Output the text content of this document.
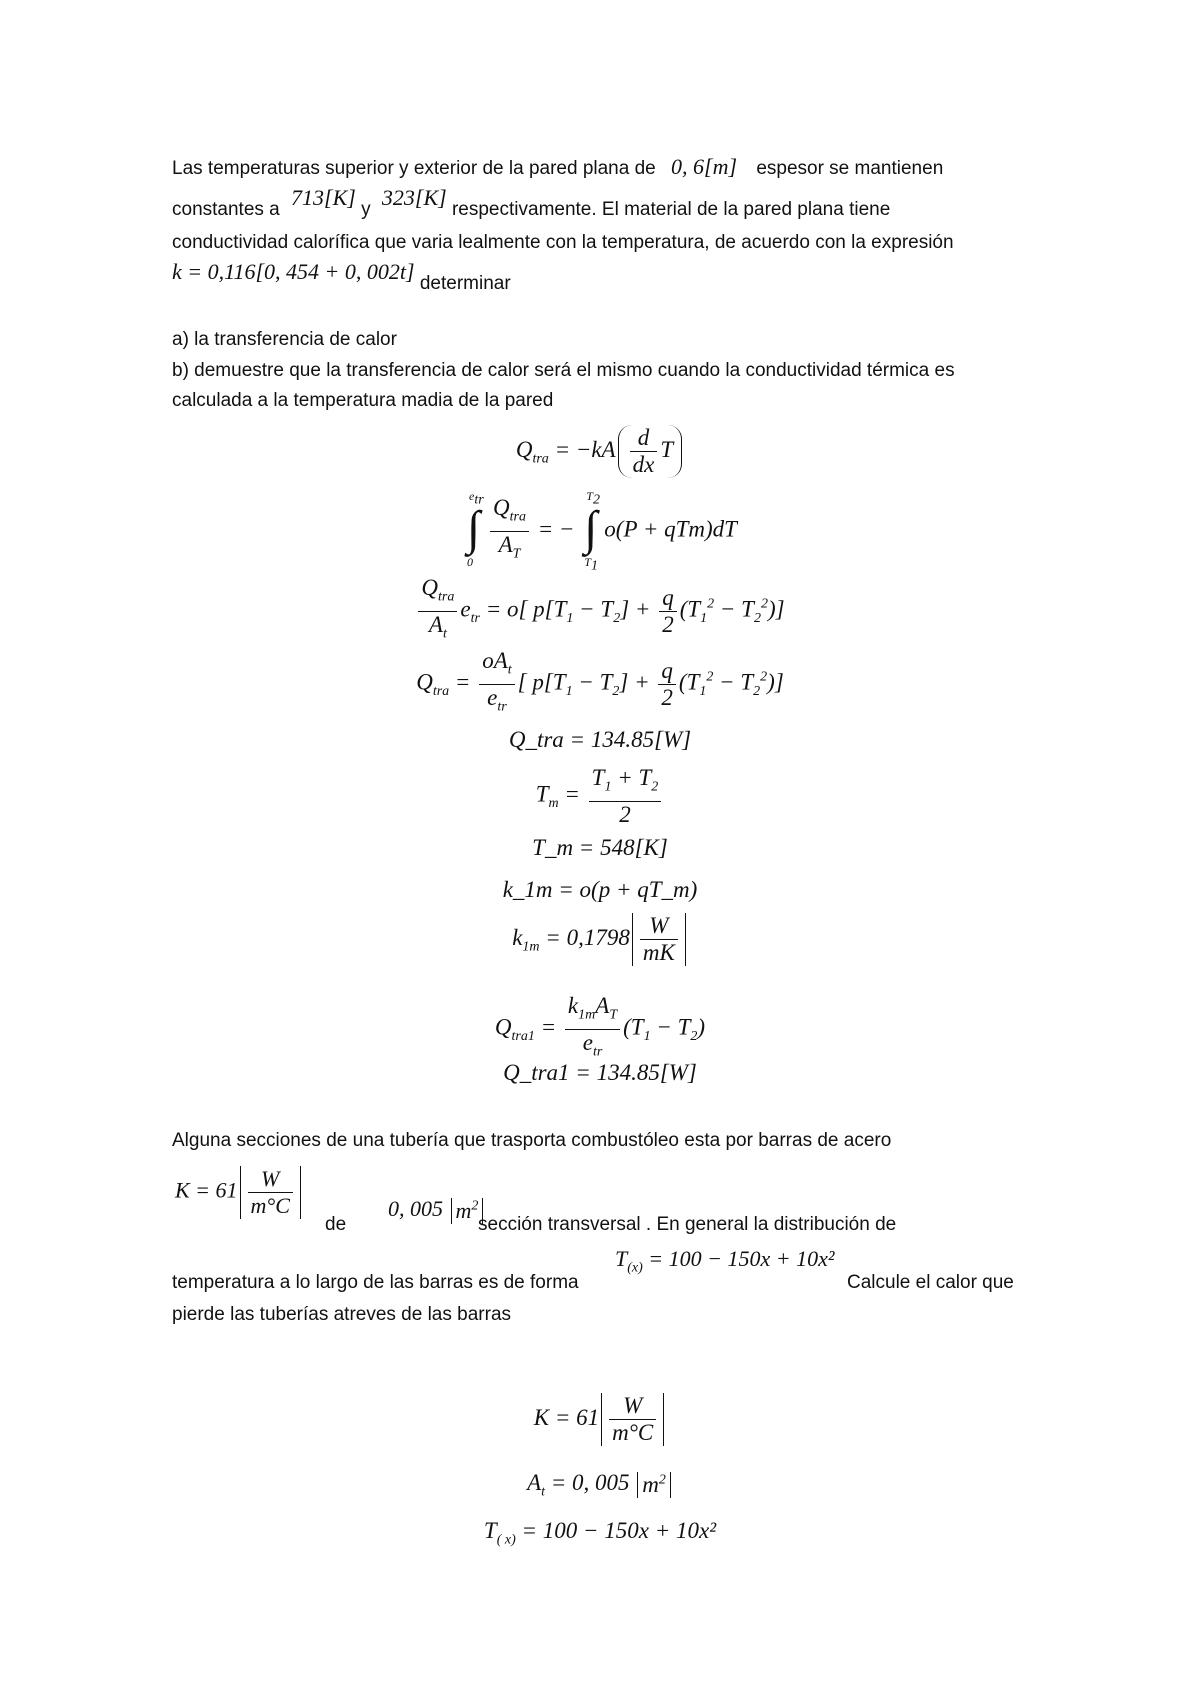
Las temperaturas superior y exterior de la pared plana de 0, 6[m] espesor se mantienen
constantes a 713[K] y 323[K] respectivamente. El material de la pared plana tiene
conductividad calorífica que varia lealmente con la temperatura, de acuerdo con la expresión
k = 0,116[0, 454 + 0, 002t] determinar
a) la transferencia de calor
b) demuestre que la transferencia de calor será el mismo cuando la conductividad térmica es
calculada a la temperatura madia de la pared
$Q_{tra} = -kA \frac{d}{dx}$ T
∫
$e_{tr}$
0
$Q_{tra}$
$A_T$
= − ∫
$T_2$
$T_1$
o(P + qTm)dT
$Q_{tra}$
$A_t$
$e_{tr} = o$[ $p[T_1 - T_2] + \frac{q}{2} (T_1^2 - T_2^2)$]
$Q_{tra}$ =
$oA_t$
$e_{tr}$
[ $p[T_1 - T_2] + \frac{q}{2} (T_1^2 - T_2^2)$]
Q_tra = 134.85[W]
$T_m = \frac{T_1 + T_2}{2}$
T_m = 548[K]
k_1m = o(p + qT_m)
$k_{1m} = 0,1798 \frac{W}{mK}$
$Q_{tra1}$ =
$k_{1m}A_T$
$e_{tr}$
$(T_1 - T_2)$
Q_tra1 = 134.85[W]
Alguna secciones de una tubería que trasporta combustóleo esta por barras de acero
$K = 61 \frac{W}{m^\circ C}$
de
0, 005 $m^2$
sección transversal . En general la distribución de
$T_{(x)} = 100 - 150x + 10x^2$
temperatura a lo largo de las barras es de forma	Calcule el calor que
pierde las tuberías atreves de las barras
$K = 61 \frac{W}{m^\circ C}$
$A_t = 0$, 005 $m^2$
$T_{( x)} = 100 - 150x + 10x^2$
